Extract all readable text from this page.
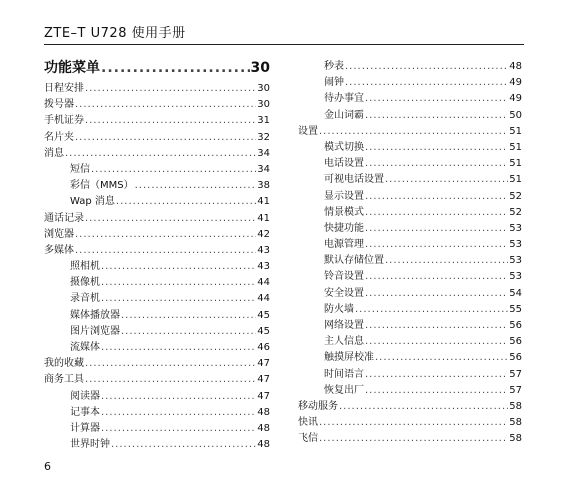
ZTE–T U728 使用手册
功能菜单 .....	30
日程安排 .....	30
拨号器 .....	30
手机证券 .....	31
名片夹 .....	32
消息 .....	34
短信 .....	34
彩信（MMS） .....	38
Wap 消息 .....	41
通话记录 .....	41
浏览器 .....	42
多媒体 .....	43
照相机 .....	43
摄像机 .....	44
录音机 .....	44
媒体播放器 .....	45
图片浏览器 .....	45
流媒体 .....	46
我的收藏 .....	47
商务工具 .....	47
阅读器 .....	47
记事本 .....	48
计算器 .....	48
世界时钟 .....	48
秒表 .....	48
闹钟 .....	49
待办事宜 .....	49
金山词霸 .....	50
设置 .....	51
模式切换 .....	51
电话设置 .....	51
可视电话设置 .....	51
显示设置 .....	52
情景模式 .....	52
快捷功能 .....	53
电源管理 .....	53
默认存储位置 .....	53
铃音设置 .....	53
安全设置 .....	54
防火墙 .....	55
网络设置 .....	56
主人信息 .....	56
触摸屏校准 .....	56
时间语言 .....	57
恢复出厂 .....	57
移动服务 .....	58
快讯 .....	58
飞信 .....	58
6
